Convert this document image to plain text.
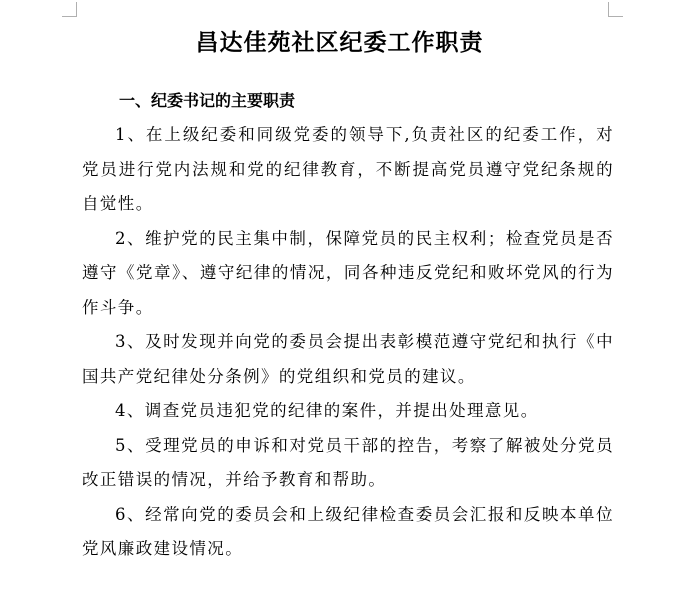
昌达佳苑社区纪委工作职责
一、纪委书记的主要职责

1、在上级纪委和同级党委的领导下,负责社区的纪委工作，对党员进行党内法规和党的纪律教育，不断提高党员遵守党纪条规的自觉性。

2、维护党的民主集中制，保障党员的民主权利；检查党员是否遵守《党章》、遵守纪律的情况，同各种违反党纪和败坏党风的行为作斗争。

3、及时发现并向党的委员会提出表彰模范遵守党纪和执行《中国共产党纪律处分条例》的党组织和党员的建议。

4、调查党员违犯党的纪律的案件，并提出处理意见。

5、受理党员的申诉和对党员干部的控告，考察了解被处分党员改正错误的情况，并给予教育和帮助。

6、经常向党的委员会和上级纪律检查委员会汇报和反映本单位党风廉政建设情况。
